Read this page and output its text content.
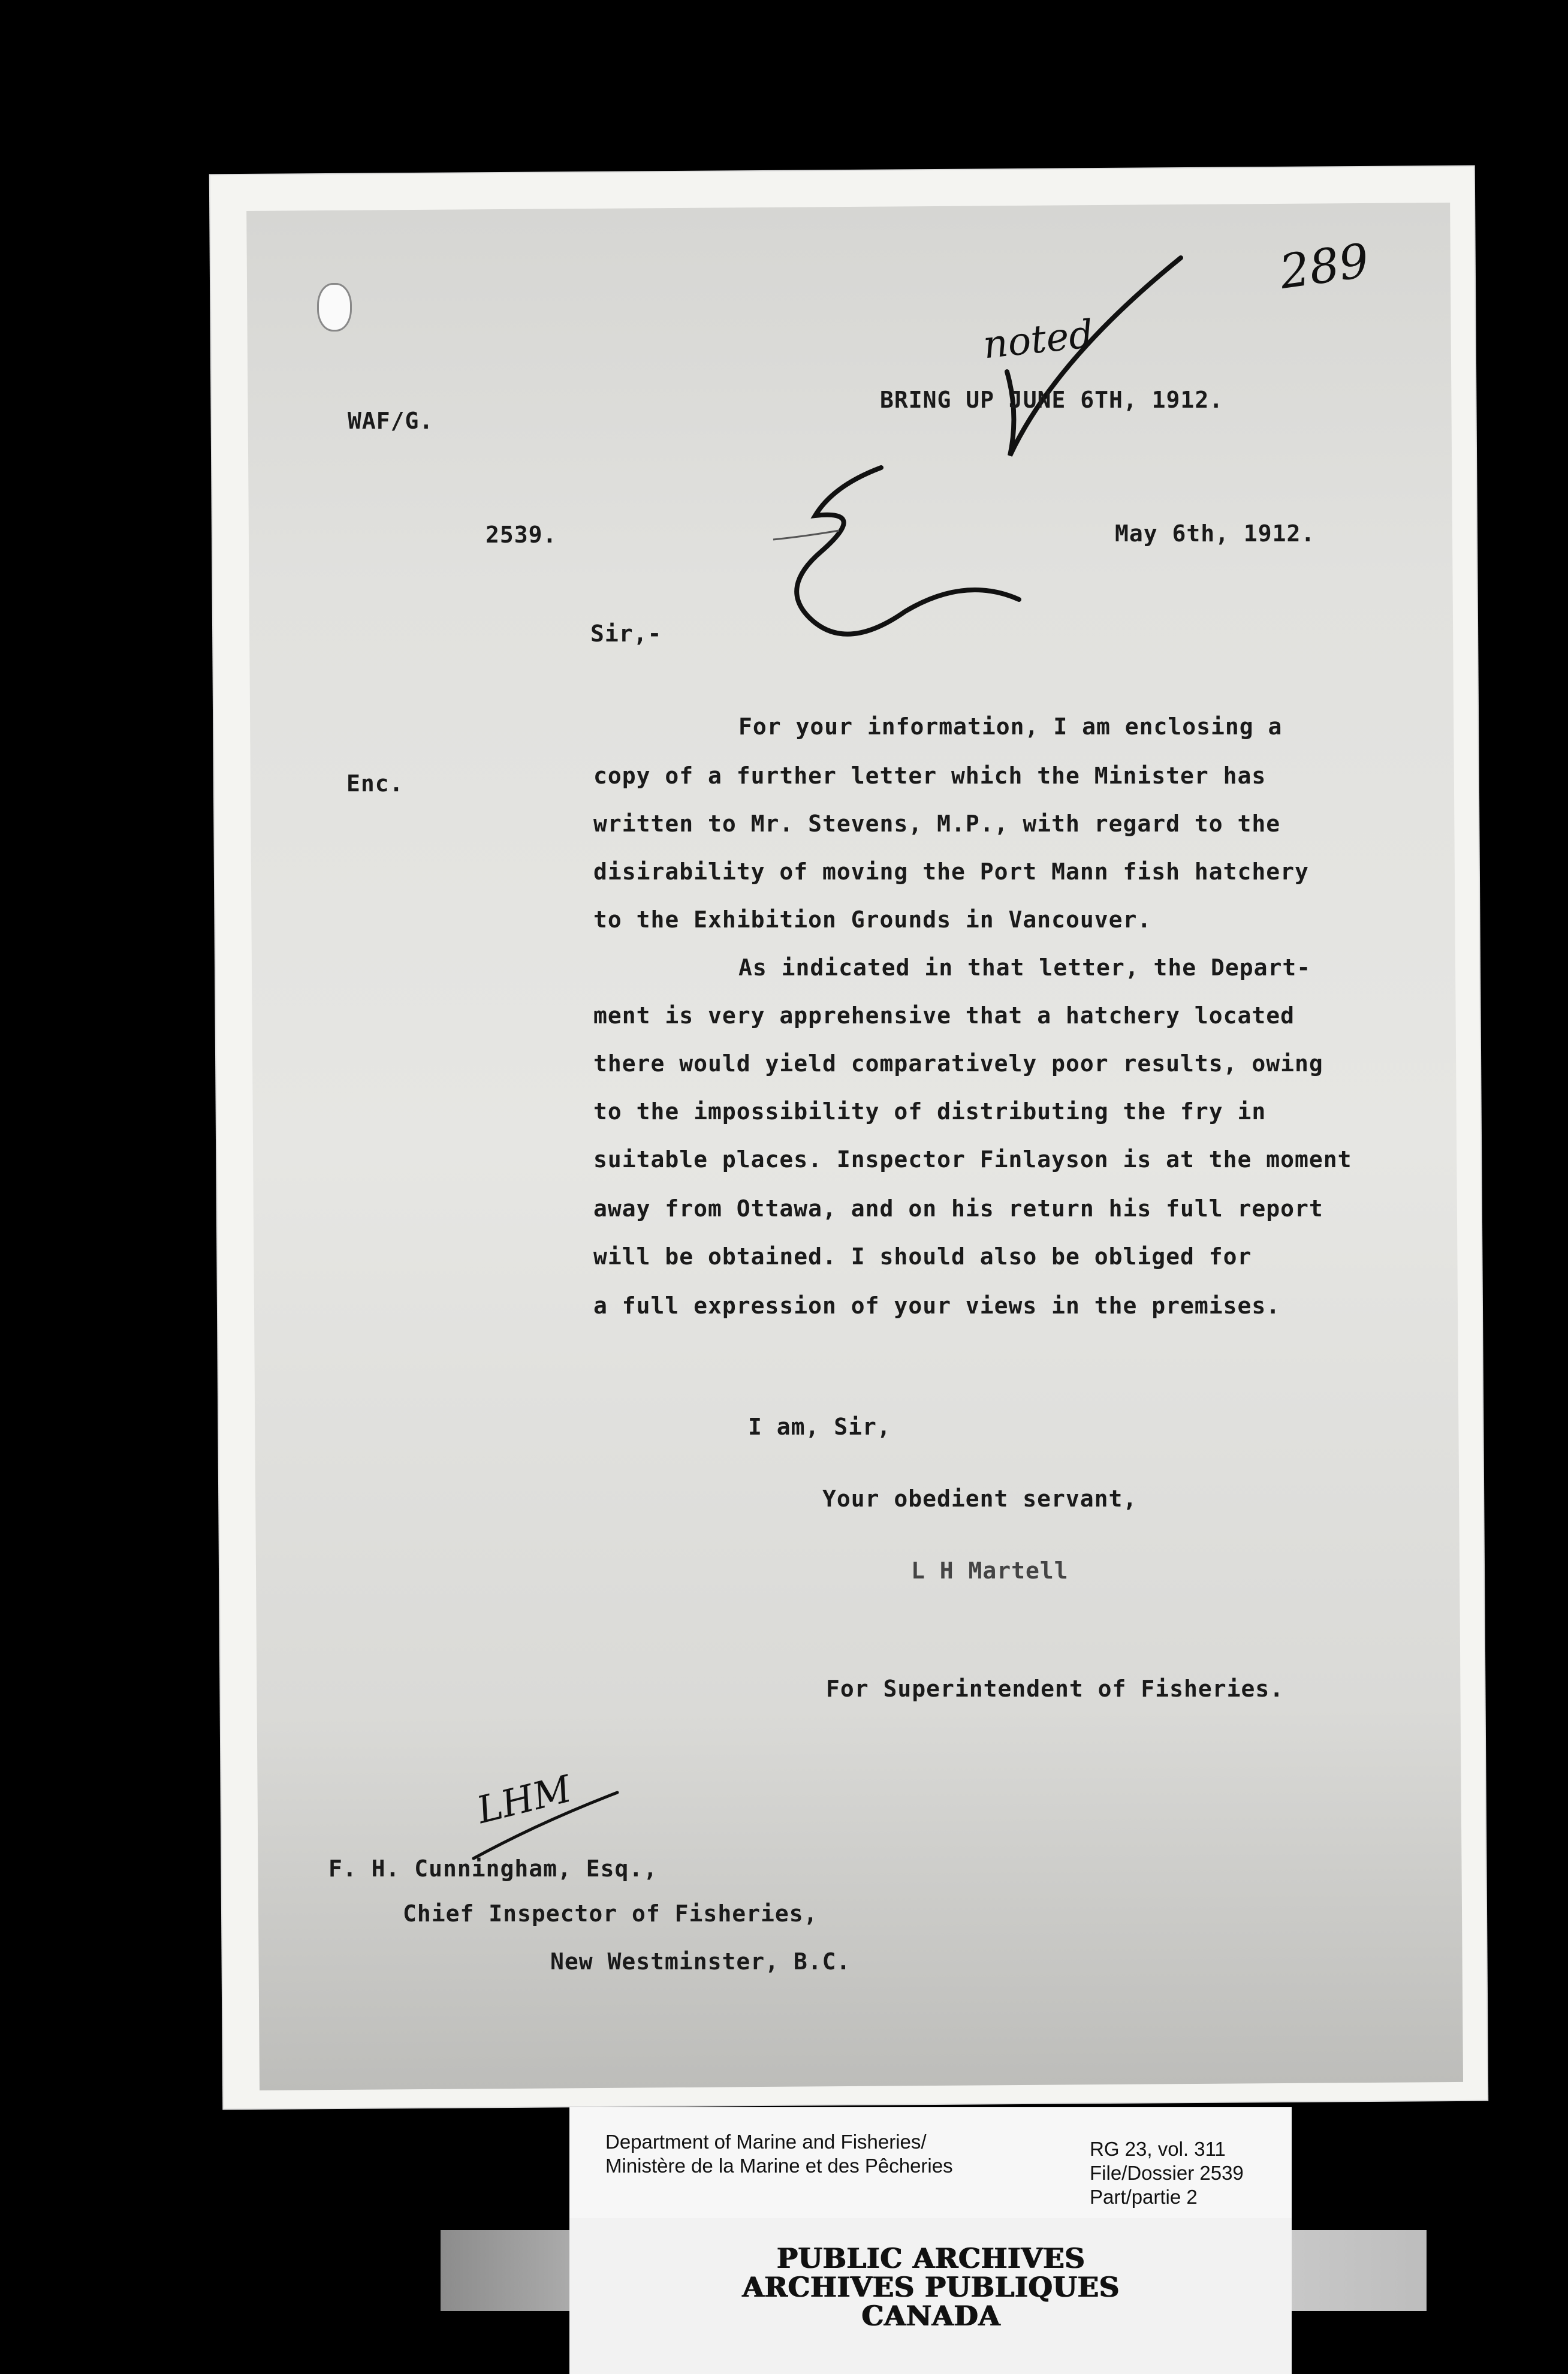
289
noted
WAF/G.
BRING UP JUNE 6TH, 1912.
2539.	May 6th, 1912.
Sir,-
Enc.
For your information, I am enclosing a
copy of a further letter which the Minister has
written to Mr. Stevens, M.P., with regard to the
disirability of moving the Port Mann fish hatchery
to the Exhibition Grounds in Vancouver.
As indicated in that letter, the Depart-
ment is very apprehensive that a hatchery located
there would yield comparatively poor results, owing
to the impossibility of distributing the fry in
suitable places. Inspector Finlayson is at the moment
away from Ottawa, and on his return his full report
will be obtained. I should also be obliged for
a full expression of your views in the premises.
I am, Sir,
Your obedient servant,
L H Martell
For Superintendent of Fisheries.
LHM
F. H. Cunningham, Esq.,
Chief Inspector of Fisheries,
New Westminster, B.C.
Department of Marine and Fisheries/
Ministère de la Marine et des Pêcheries
RG 23, vol. 311
File/Dossier 2539
Part/partie 2
PUBLIC ARCHIVES
ARCHIVES PUBLIQUES
CANADA
